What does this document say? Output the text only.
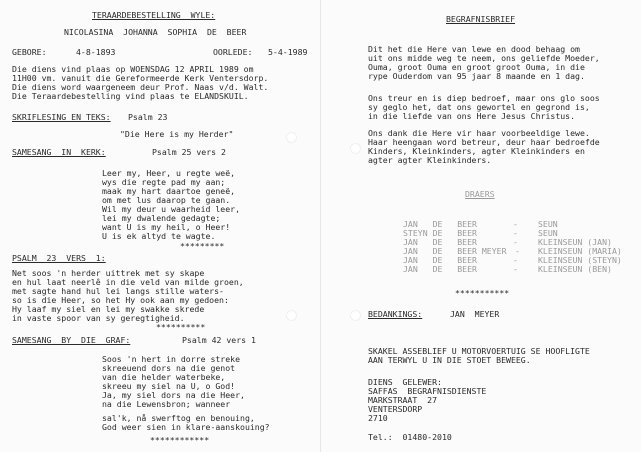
TERAARDEBESTELLING  WYLE:
NICOLASINA  JOHANNA  SOPHIA  DE  BEER
GEBORE:	4-8-1893	OORLEDE: 5-4-1989
Die diens vind plaas op WOENSDAG 12 APRIL 1989 om
11H00 vm. vanuit die Gereformeerde Kerk Ventersdorp.
Die diens word waargeneem deur Prof. Naas v/d. Walt.
Die Teraardebestelling vind plaas te ELANDSKUIL.
SKRIFLESING EN TEKS: Psalm 23
"Die Here is my Herder"
SAMESANG  IN  KERK:	Psalm 25 vers 2
Leer my, Heer, u regte weë,
wys die regte pad my aan;
maak my hart daartoe geneë,
om met lus daarop te gaan.
Wil my deur u waarheid leer,
lei my dwalende gedagte;
want U is my heil, o Heer!
U is ek altyd te wagte.
*********
PSALM  23  VERS  1:
Net soos 'n herder uittrek met sy skape
en hul laat neerlê in die veld van milde groen,
met sagte hand hul lei langs stille waters-
so is die Heer, so het Hy ook aan my gedoen:
Hy laaf my siel en lei my swakke skrede
in vaste spoor van sy geregtigheid.
**********
SAMESANG  BY  DIE  GRAF:	Psalm 42 vers 1
Soos 'n hert in dorre streke
skreeuend dors na die genot
van die helder waterbeke,
skreeu my siel na U, o God!
Ja, my siel dors na die Heer,
na die Lewensbron; wanneer
sal'k, nå swerftog en benouing,
God weer sien in klare-aanskouing?
************
BEGRAFNISBRIEF
Dit het die Here van lewe en dood behaag om
uit ons midde weg te neem, ons geliefde Moeder,
Ouma, groot Ouma en groot groot Ouma, in die
rype Ouderdom van 95 jaar 8 maande en 1 dag.
Ons treur en is diep bedroef, maar ons glo soos
sy geglo het, dat ons gewortel en gegrond is,
in die liefde van ons Here Jesus Christus.
Ons dank die Here vir haar voorbeeldige lewe.
Haar heengaan word betreur, deur haar bedroefde
Kinders, Kleinkinders, agter Kleinkinders en
agter agter Kleinkinders.
DRAERS
JAN   DE   BEER	- SEUN
STEYN DE   BEER	- SEUN
JAN   DE   BEER	- KLEINSEUN (JAN)
JAN   DE   BEER MEYER - KLEINSEUN (MARIA)
JAN   DE   BEER	- KLEINSEUN (STEYN)
JAN   DE   BEER	- KLEINSEUN (BEN)
***********
BEDANKINGS:	JAN  MEYER
SKAKEL ASSEBLIEF U MOTORVOERTUIG SE HOOFLIGTE
AAN TERWYL U IN DIE STOET BEWEEG.
DIENS  GELEWER:
SAFFAS  BEGRAFNISDIENSTE
MARKSTRAAT  27
VENTERSDORP
2710
Tel.:  01480-2010
